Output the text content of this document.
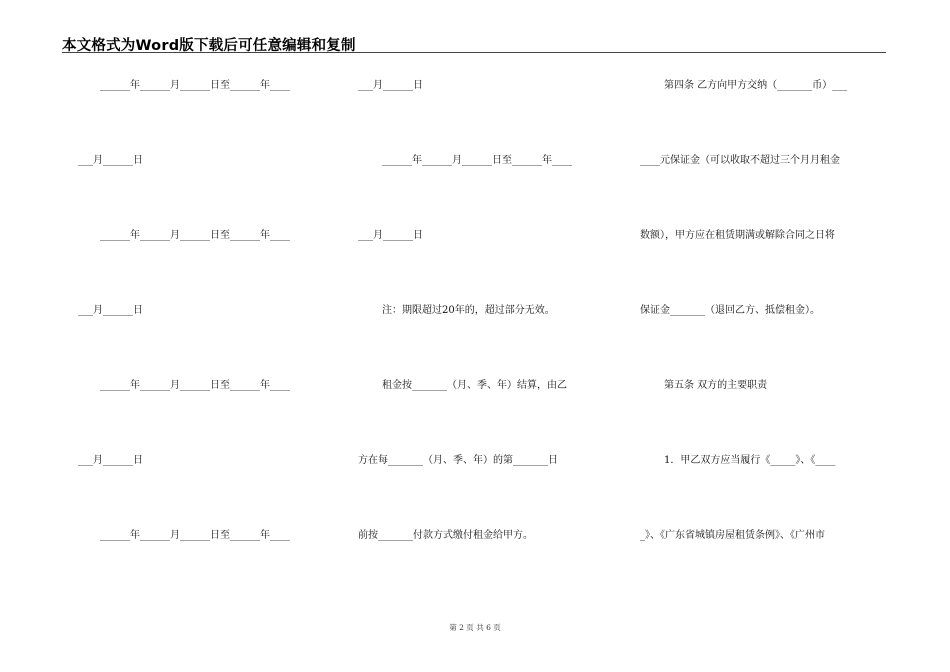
本文格式为Word版下载后可任意编辑和复制
______年______月______日至______年____
___月______日
______年______月______日至______年____
___月______日
______年______月______日至______年____
___月______日
______年______月______日至______年____
___月______日
______年______月______日至______年____
___月______日
注：期限超过20年的，超过部分无效。
租金按_______（月、季、年）结算，由乙
方在每_______（月、季、年）的第_______日
前按_______付款方式缴付租金给甲方。
第四条 乙方向甲方交纳（_______币）___
____元保证金（可以收取不超过三个月月租金
数额），甲方应在租赁期满或解除合同之日将
保证金_______（退回乙方、抵偿租金）。
第五条 双方的主要职责
1．甲乙双方应当履行《_____》、《____
_》、《广东省城镇房屋租赁条例》、《广州市
第 2 页 共 6 页
